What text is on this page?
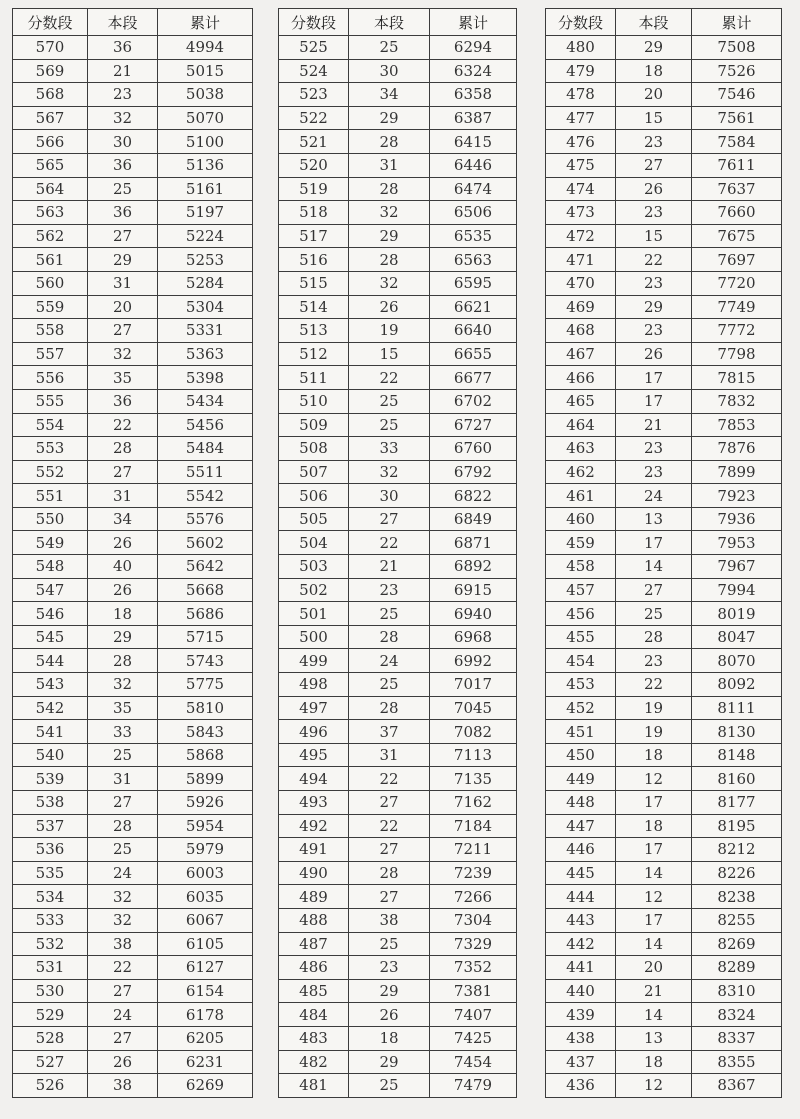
分数段	本段	累计
570	36	4994
569	21	5015
568	23	5038
567	32	5070
566	30	5100
565	36	5136
564	25	5161
563	36	5197
562	27	5224
561	29	5253
560	31	5284
559	20	5304
558	27	5331
557	32	5363
556	35	5398
555	36	5434
554	22	5456
553	28	5484
552	27	5511
551	31	5542
550	34	5576
549	26	5602
548	40	5642
547	26	5668
546	18	5686
545	29	5715
544	28	5743
543	32	5775
542	35	5810
541	33	5843
540	25	5868
539	31	5899
538	27	5926
537	28	5954
536	25	5979
535	24	6003
534	32	6035
533	32	6067
532	38	6105
531	22	6127
530	27	6154
529	24	6178
528	27	6205
527	26	6231
526	38	6269
分数段	本段	累计
525	25	6294
524	30	6324
523	34	6358
522	29	6387
521	28	6415
520	31	6446
519	28	6474
518	32	6506
517	29	6535
516	28	6563
515	32	6595
514	26	6621
513	19	6640
512	15	6655
511	22	6677
510	25	6702
509	25	6727
508	33	6760
507	32	6792
506	30	6822
505	27	6849
504	22	6871
503	21	6892
502	23	6915
501	25	6940
500	28	6968
499	24	6992
498	25	7017
497	28	7045
496	37	7082
495	31	7113
494	22	7135
493	27	7162
492	22	7184
491	27	7211
490	28	7239
489	27	7266
488	38	7304
487	25	7329
486	23	7352
485	29	7381
484	26	7407
483	18	7425
482	29	7454
481	25	7479
分数段	本段	累计
480	29	7508
479	18	7526
478	20	7546
477	15	7561
476	23	7584
475	27	7611
474	26	7637
473	23	7660
472	15	7675
471	22	7697
470	23	7720
469	29	7749
468	23	7772
467	26	7798
466	17	7815
465	17	7832
464	21	7853
463	23	7876
462	23	7899
461	24	7923
460	13	7936
459	17	7953
458	14	7967
457	27	7994
456	25	8019
455	28	8047
454	23	8070
453	22	8092
452	19	8111
451	19	8130
450	18	8148
449	12	8160
448	17	8177
447	18	8195
446	17	8212
445	14	8226
444	12	8238
443	17	8255
442	14	8269
441	20	8289
440	21	8310
439	14	8324
438	13	8337
437	18	8355
436	12	8367
